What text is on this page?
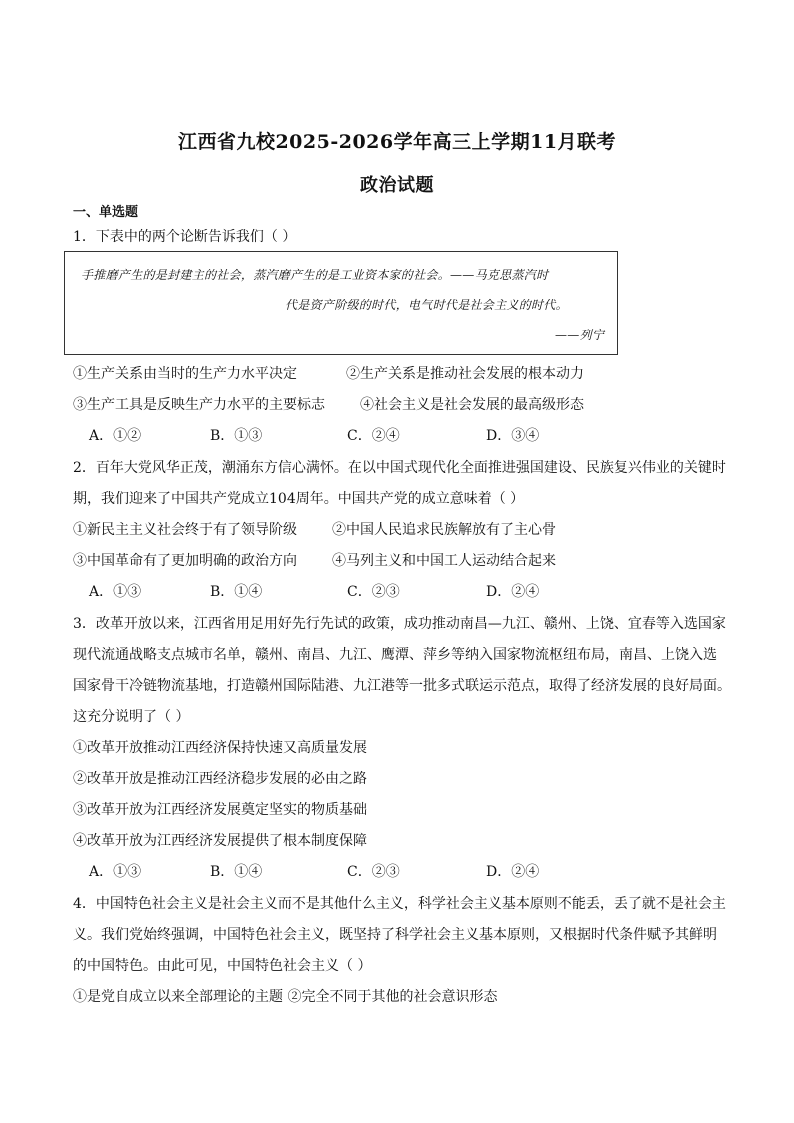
江西省九校2025-2026学年高三上学期11月联考
政治试题
一、单选题
1．下表中的两个论断告诉我们（ ）
手推磨产生的是封建主的社会，蒸汽磨产生的是工业资本家的社会。——马克思蒸汽时
代是资产阶级的时代，电气时代是社会主义的时代。
——列宁
①生产关系由当时的生产力水平决定	②生产关系是推动社会发展的根本动力
③生产工具是反映生产力水平的主要标志	④社会主义是社会发展的最高级形态
A．①②	B．①③	C．②④	D．③④
2．百年大党风华正茂，潮涌东方信心满怀。在以中国式现代化全面推进强国建设、民族复兴伟业的关键时
期，我们迎来了中国共产党成立104周年。中国共产党的成立意味着（ ）
①新民主主义社会终于有了领导阶级	②中国人民追求民族解放有了主心骨
③中国革命有了更加明确的政治方向	④马列主义和中国工人运动结合起来
A．①③	B．①④	C．②③	D．②④
3．改革开放以来，江西省用足用好先行先试的政策，成功推动南昌—九江、赣州、上饶、宜春等入选国家
现代流通战略支点城市名单，赣州、南昌、九江、鹰潭、萍乡等纳入国家物流枢纽布局，南昌、上饶入选
国家骨干冷链物流基地，打造赣州国际陆港、九江港等一批多式联运示范点，取得了经济发展的良好局面。
这充分说明了（ ）
①改革开放推动江西经济保持快速又高质量发展
②改革开放是推动江西经济稳步发展的必由之路
③改革开放为江西经济发展奠定坚实的物质基础
④改革开放为江西经济发展提供了根本制度保障
A．①③	B．①④	C．②③	D．②④
4．中国特色社会主义是社会主义而不是其他什么主义，科学社会主义基本原则不能丢，丢了就不是社会主
义。我们党始终强调，中国特色社会主义，既坚持了科学社会主义基本原则，又根据时代条件赋予其鲜明
的中国特色。由此可见，中国特色社会主义（ ）
①是党自成立以来全部理论的主题 ②完全不同于其他的社会意识形态
